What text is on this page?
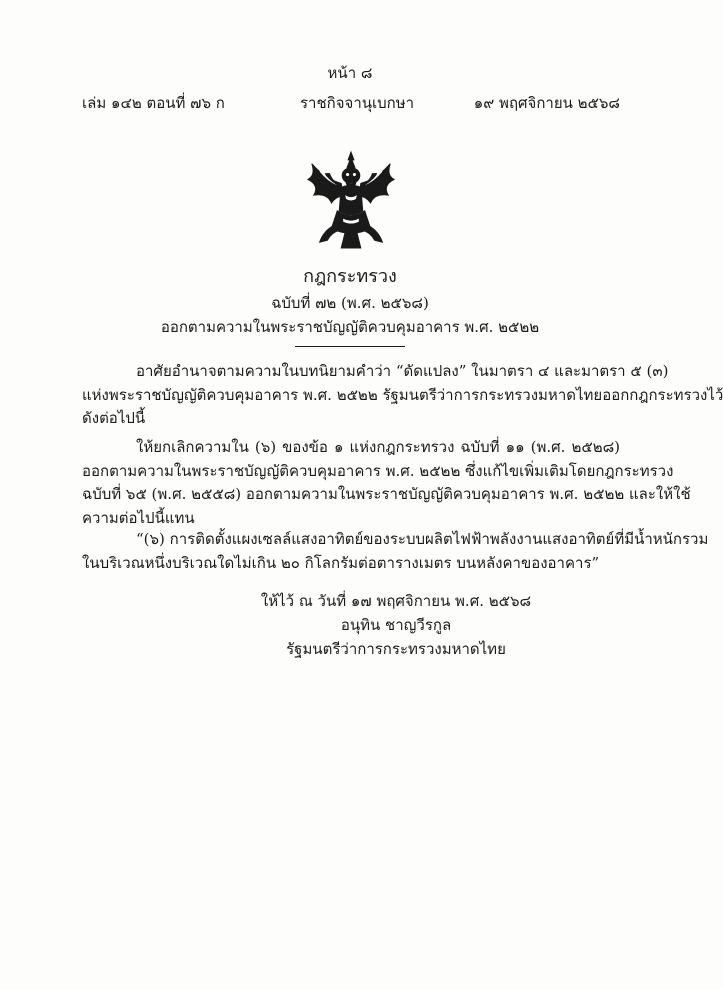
หน้า ๘
เล่ม ๑๔๒ ตอนที่ ๗๖ ก	ราชกิจจานุเบกษา	๑๙ พฤศจิกายน ๒๕๖๘
กฎกระทรวง
ฉบับที่ ๗๒ (พ.ศ. ๒๕๖๘)
ออกตามความในพระราชบัญญัติควบคุมอาคาร พ.ศ. ๒๕๒๒
อาศัยอำนาจตามความในบทนิยามคำว่า “ดัดแปลง” ในมาตรา ๔ และมาตรา ๕ (๓)
แห่งพระราชบัญญัติควบคุมอาคาร พ.ศ. ๒๕๒๒ รัฐมนตรีว่าการกระทรวงมหาดไทยออกกฎกระทรวงไว้
ดังต่อไปนี้
ให้ยกเลิกความใน (๖) ของข้อ ๑ แห่งกฎกระทรวง ฉบับที่ ๑๑ (พ.ศ. ๒๕๒๘)
ออกตามความในพระราชบัญญัติควบคุมอาคาร พ.ศ. ๒๕๒๒ ซึ่งแก้ไขเพิ่มเติมโดยกฎกระทรวง
ฉบับที่ ๖๕ (พ.ศ. ๒๕๕๘) ออกตามความในพระราชบัญญัติควบคุมอาคาร พ.ศ. ๒๕๒๒ และให้ใช้
ความต่อไปนี้แทน
“(๖) การติดตั้งแผงเซลล์แสงอาทิตย์ของระบบผลิตไฟฟ้าพลังงานแสงอาทิตย์ที่มีน้ำหนักรวม
ในบริเวณหนึ่งบริเวณใดไม่เกิน ๒๐ กิโลกรัมต่อตารางเมตร บนหลังคาของอาคาร”
ให้ไว้ ณ วันที่ ๑๗ พฤศจิกายน พ.ศ. ๒๕๖๘
อนุทิน ชาญวีรกูล
รัฐมนตรีว่าการกระทรวงมหาดไทย
